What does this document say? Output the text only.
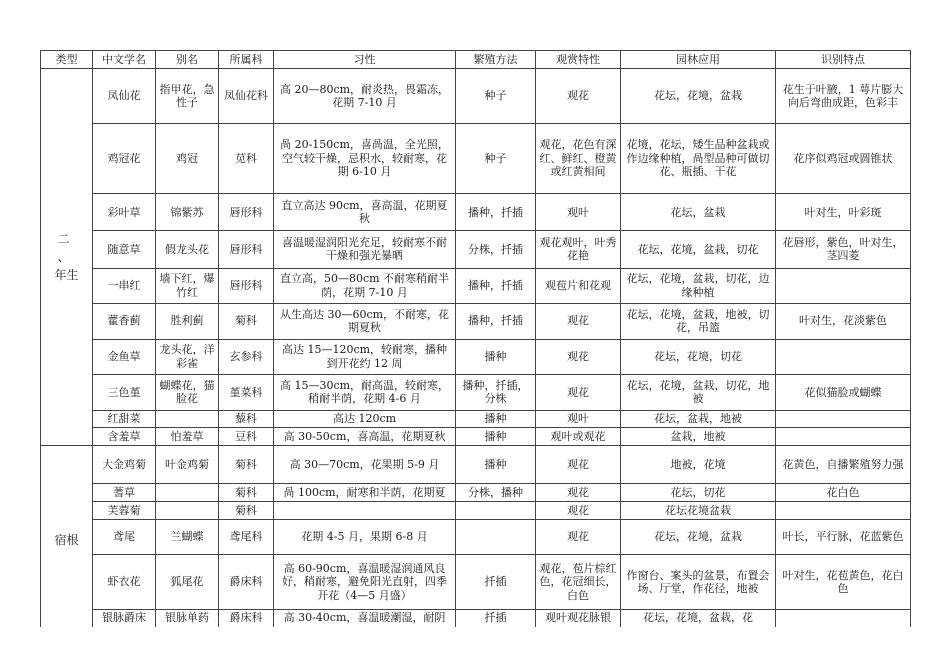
类型	中文学名	别名	所属科	习性	繁殖方法	观赏特性	园林应用	识别特点

二 、
年生	凤仙花	指甲花，急性子	凤仙花科	高 20—80cm，耐炎热，畏霜冻，花期 7-10 月	种子	观花	花坛，花境，盆栽	花生于叶腋，1 萼片膨大向后弯曲成距，色彩丰

鸡冠花	鸡冠	苋科	咼 20-150cm，喜咼温，全光照，空气较干燥，忌积水，较耐寒，花期 6-10 月	种子	观花，花色有深红、鲜红、橙黄或红黄相间	花境，花坛，矮生品种盆栽或作边缘种植，咼型品种可做切花、瓶插、干花	花序似鸡冠或圆锥状

彩叶草	锦紫苏	唇形科	直立高达 90cm，喜高温，花期夏秋	播种，扦插	观叶	花坛，盆栽	叶对生，叶彩斑

随意草	假龙头花	唇形科	喜温暖湿润阳光充足，较耐寒不耐干燥和强光暴晒	分株，扦插	观花观叶，叶秀花艳	花坛，花境，盆栽，切花	花唇形，紫色，叶对生，茎四菱

一串红	墙下红，爆竹红	唇形科	直立高，50—80cm 不耐寒稍耐半荫，花期 7-10 月	播种，扦插	观苞片和花观	花坛，花境，盆栽，切花，边缘种植	

藿香蓟	胜利蓟	菊科	从生高达 30—60cm，不耐寒，花期夏秋	播种，扦插	观花	花坛，花境，盆栽，地被，切花，吊篮	叶对生，花淡紫色

金鱼草	龙头花，洋彩雀	玄参科	高达 15—120cm，较耐寒，播种到开花约 12 周	播种	观花	花坛，花境，切花	

三色堇	蝴蝶花，猫脸花	堇菜科	高 15—30cm，耐高温，较耐寒，稍耐半荫，花期 4-6 月	播种，扦插，分株	观花	花坛，花境，盆栽，切花，地被	花似猫脸或蝴蝶

红甜菜		藜科	高达 120cm	播种	观叶	花坛，盆栽，地被	

含羞草	怕羞草	豆科	高 30-50cm，喜高温，花期夏秋	播种	观叶或观花	盆栽，地被	

宿根	大金鸡菊	叶金鸡菊	菊科	高 30—70cm，花果期 5-9 月	播种	观花	地被，花境	花黄色，自播繁殖努力强

蓍草		菊科	咼 100cm，耐寒和半荫，花期夏	分株，播种	观花	花坛，切花	花白色

芙蓉菊		菊科			观花	花坛花境盆栽	

鸢尾	兰蝴蝶	鸢尾科	花期 4-5 月，果期 6-8 月		观花	花坛，花境，盆栽	叶长，平行脉，花蓝紫色

虾衣花	狐尾花	爵床科	高 60-90cm，喜温暖湿润通风良好，稍耐寒，避免阳光直射，四季开花（4—5 月盛）	扦插	观花，苞片棕红色，花冠细长，白色	作窗台、案头的盆景，布置会场、厅堂，作花径，地被	叶对生，花苞黄色，花白色

银脉爵床	银脉单药	爵床科	高 30-40cm，喜温暖潮湿，耐阴	扦插	观叶观花脉银	花坛，花境，盆栽，花	
